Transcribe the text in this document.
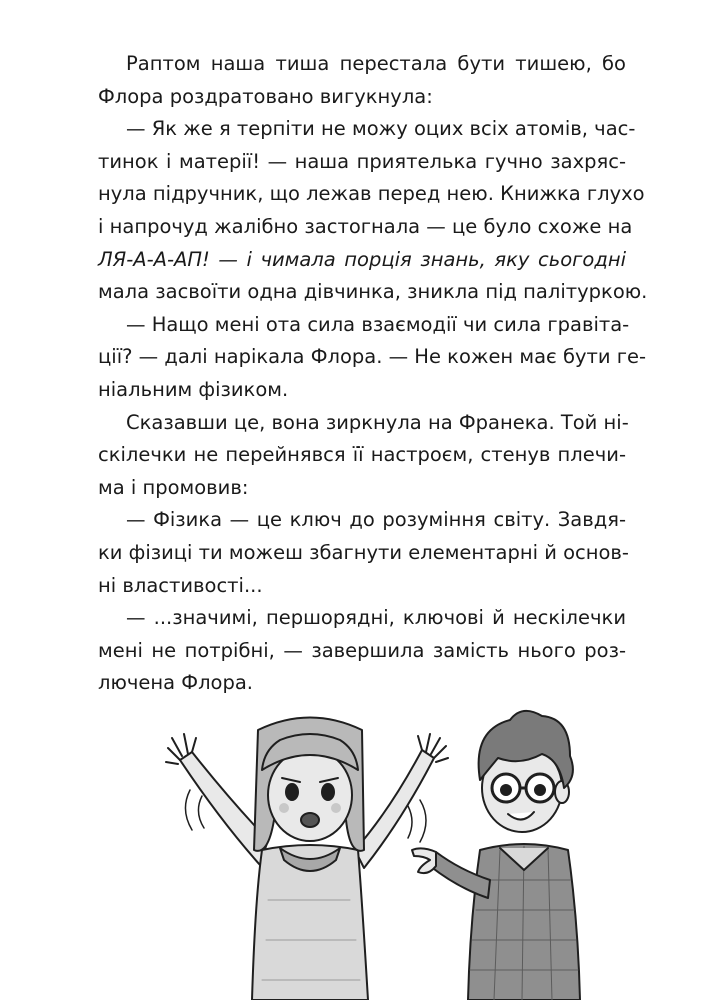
Раптом наша тиша перестала бути тишею, бо
Флора роздратовано вигукнула:
— Як же я терпіти не можу оцих всіх атомів, час-
тинок і матерії! — наша приятелька гучно захряс-
нула підручник, що лежав перед нею. Книжка глухо
і напрочуд жалібно застогнала — це було схоже на
ЛЯ-А-А-АП! — і чимала порція знань, яку сьогодні
мала засвоїти одна дівчинка, зникла під палітуркою.
— Нащо мені ота сила взаємодії чи сила гравіта-
ції? — далі нарікала Флора. — Не кожен має бути ге-
ніальним фізиком.
Сказавши це, вона зиркнула на Франека. Той ні-
скілечки не перейнявся її настроєм, стенув плечи-
ма і промовив:
— Фізика — це ключ до розуміння світу. Завдя-
ки фізиці ти можеш збагнути елементарні й основ-
ні властивості...
— ...значимі, першорядні, ключові й нескілечки
мені не потрібні, — завершила замість нього роз-
лючена Флора.
